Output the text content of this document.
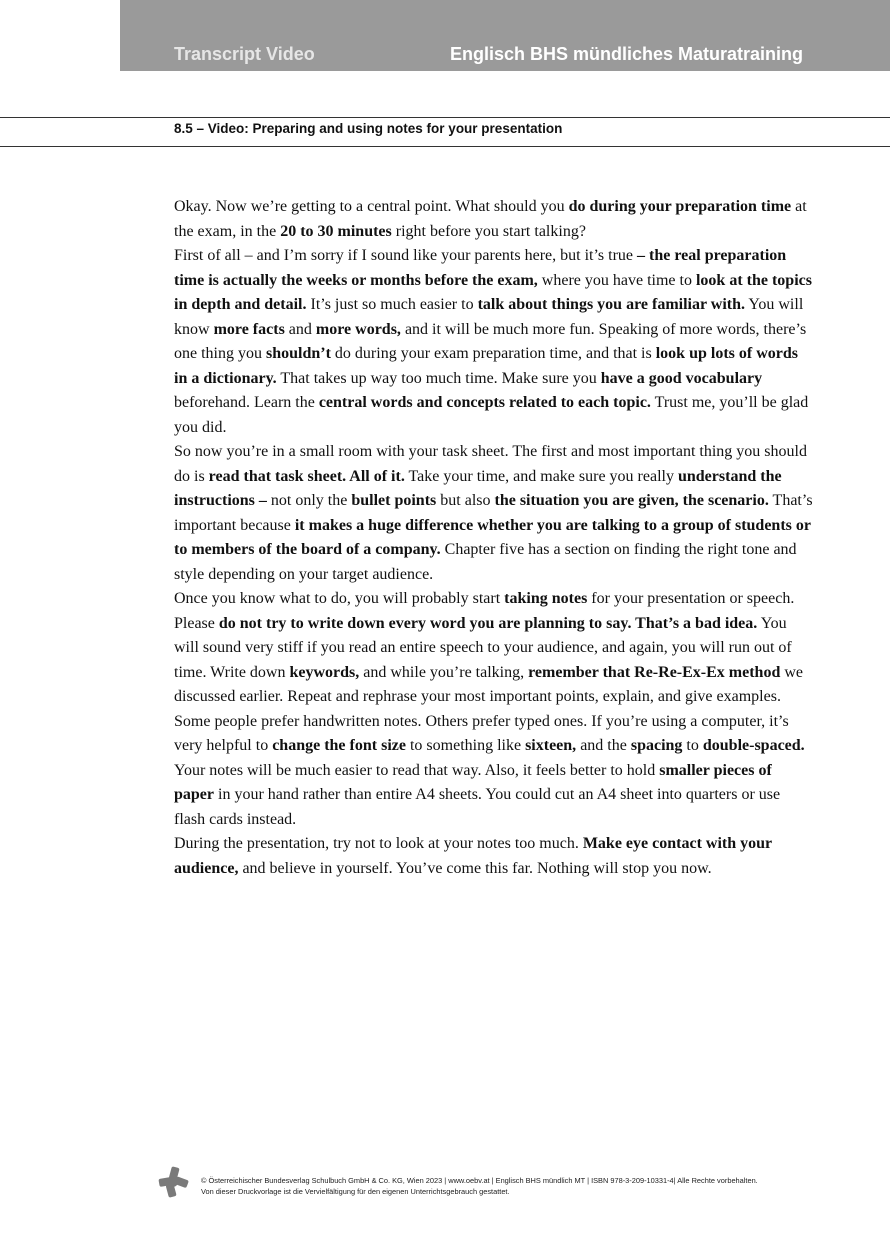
Transcript Video	Englisch BHS mündliches Maturatraining
8.5 – Video: Preparing and using notes for your presentation

Okay. Now we’re getting to a central point. What should you do during your preparation time at the exam, in the 20 to 30 minutes right before you start talking?

First of all – and I’m sorry if I sound like your parents here, but it’s true – the real preparation time is actually the weeks or months before the exam, where you have time to look at the topics in depth and detail. It’s just so much easier to talk about things you are familiar with. You will know more facts and more words, and it will be much more fun. Speaking of more words, there’s one thing you shouldn’t do during your exam preparation time, and that is look up lots of words in a dictionary. That takes up way too much time. Make sure you have a good vocabulary beforehand. Learn the central words and concepts related to each topic. Trust me, you’ll be glad you did.

So now you’re in a small room with your task sheet. The first and most important thing you should do is read that task sheet. All of it. Take your time, and make sure you really understand the instructions – not only the bullet points but also the situation you are given, the scenario. That’s important because it makes a huge difference whether you are talking to a group of students or to members of the board of a company. Chapter five has a section on finding the right tone and style depending on your target audience.

Once you know what to do, you will probably start taking notes for your presentation or speech. Please do not try to write down every word you are planning to say. That’s a bad idea. You will sound very stiff if you read an entire speech to your audience, and again, you will run out of time. Write down keywords, and while you’re talking, remember that Re-Re-Ex-Ex method we discussed earlier. Repeat and rephrase your most important points, explain, and give examples.

Some people prefer handwritten notes. Others prefer typed ones. If you’re using a computer, it’s very helpful to change the font size to something like sixteen, and the spacing to double-spaced. Your notes will be much easier to read that way. Also, it feels better to hold smaller pieces of paper in your hand rather than entire A4 sheets. You could cut an A4 sheet into quarters or use flash cards instead.

During the presentation, try not to look at your notes too much. Make eye contact with your audience, and believe in yourself. You’ve come this far. Nothing will stop you now.

© Österreichischer Bundesverlag Schulbuch GmbH & Co. KG, Wien 2023 | www.oebv.at | Englisch BHS mündlich MT | ISBN 978-3-209-10331-4| Alle Rechte vorbehalten.
Von dieser Druckvorlage ist die Vervielfältigung für den eigenen Unterrichtsgebrauch gestattet.
